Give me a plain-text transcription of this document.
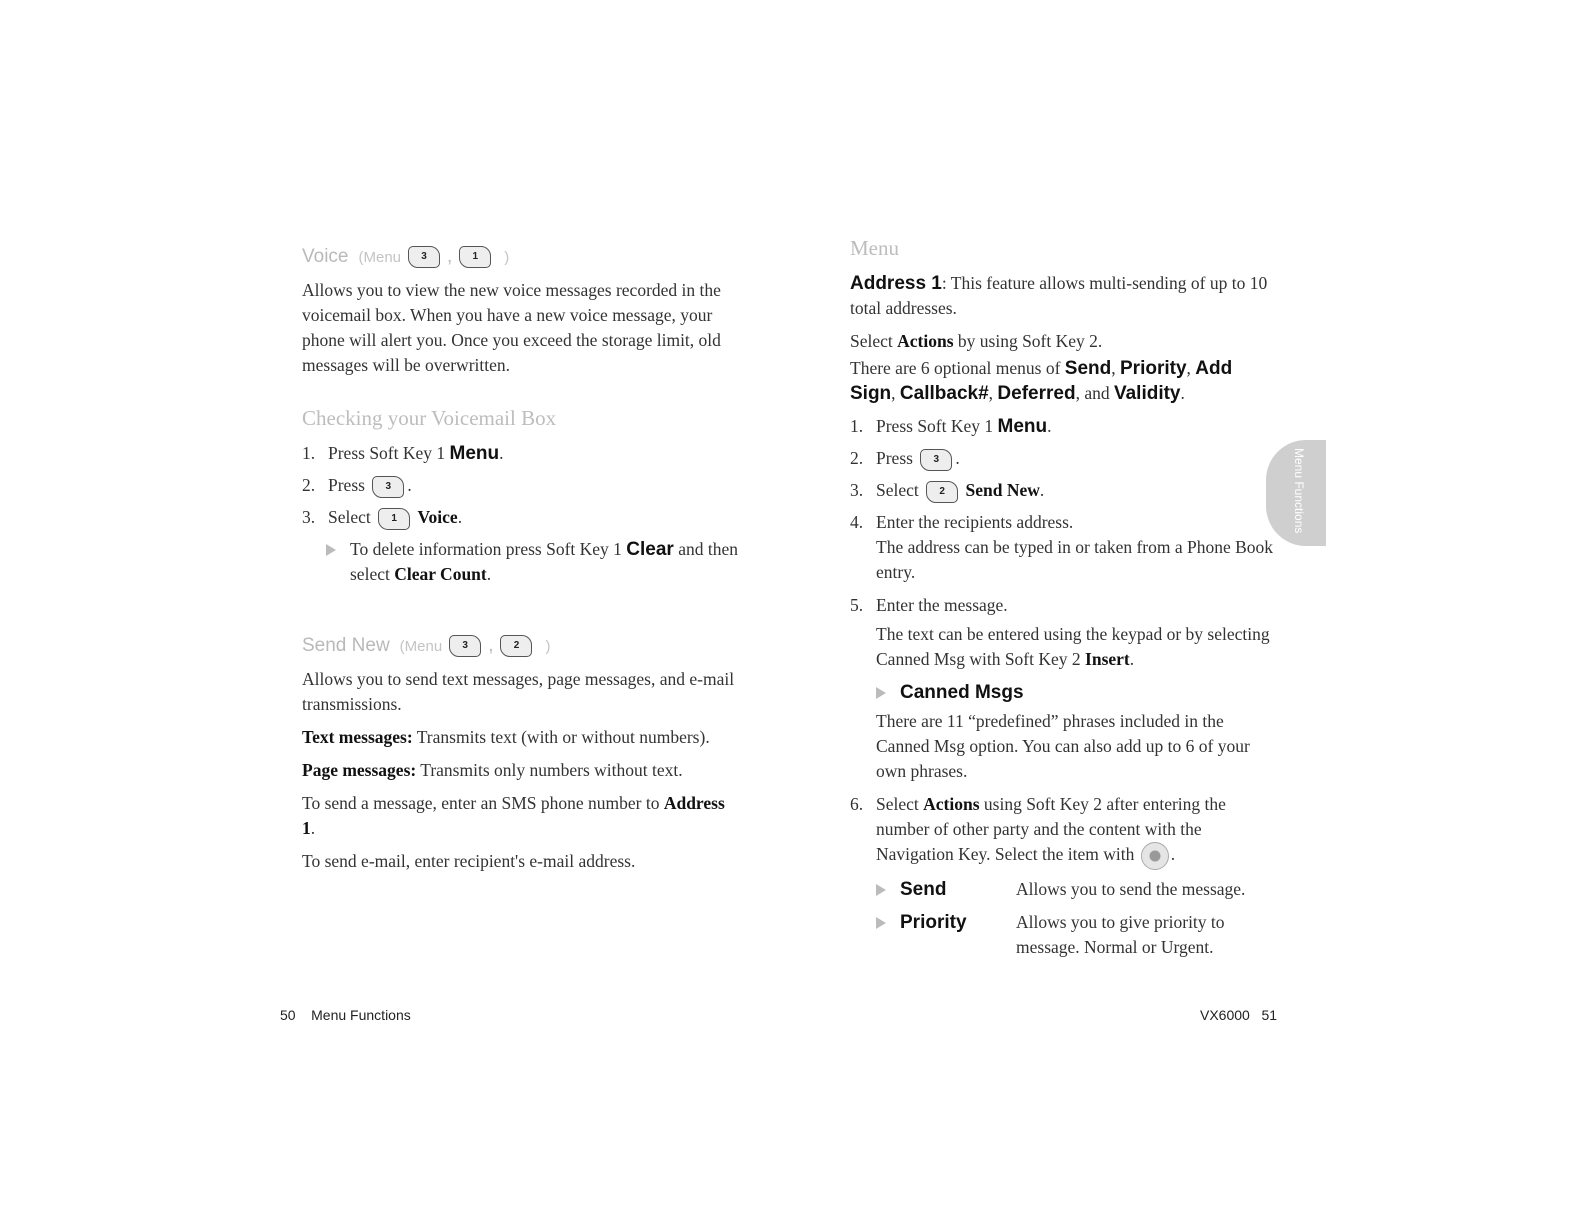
Voice (Menu	3	,	1	)

Allows you to view the new voice messages recorded in the voicemail box. When you have a new voice message, your phone will alert you. Once you exceed the storage limit, old messages will be overwritten.

Checking your Voicemail Box
1. Press Soft Key 1 Menu.
2. Press 3 .
3. Select 1 Voice.
To delete information press Soft Key 1 Clear and then select Clear Count.
Send New (Menu	3	,	2	)

Allows you to send text messages, page messages, and e-mail transmissions.

Text messages: Transmits text (with or without numbers).

Page messages: Transmits only numbers without text.

To send a message, enter an SMS phone number to Address 1.

To send e-mail, enter recipient's e-mail address.

Menu

Address 1: This feature allows multi-sending of up to 10 total addresses.

Select Actions by using Soft Key 2.

There are 6 optional menus of Send, Priority, Add Sign, Callback#, Deferred, and Validity.

1. Press Soft Key 1 Menu.
2. Press 3 .
3. Select 2 Send New.
4. Enter the recipients address.

The address can be typed in or taken from a Phone Book entry.

5. Enter the message.

The text can be entered using the keypad or by selecting Canned Msg with Soft Key 2 Insert.

Canned Msgs

There are 11 “predefined” phrases included in the Canned Msg option. You can also add up to 6 of your own phrases.

6. Select Actions using Soft Key 2 after entering the number of other party and the content with the Navigation Key. Select the item with .
Send	Allows you to send the message.
Priority	Allows you to give priority to message. Normal or Urgent.
Menu Functions
50 Menu Functions	VX6000 51
